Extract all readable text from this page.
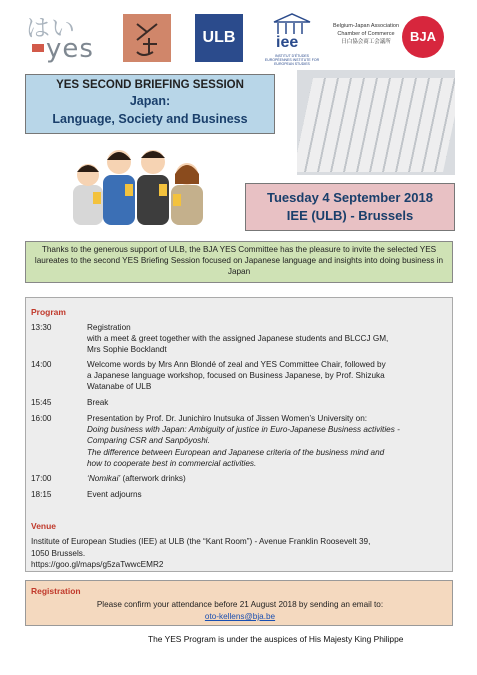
はい
yes	ULB	iee
INSTITUT D'ÉTUDES EUROPÉENNES INSTITUTE FOR EUROPEAN STUDIES
Belgium-Japan Association
Chamber of Commerce
日白協会商工会議所	BJA
YES SECOND BRIEFING SESSION
Japan:
Language, Society and Business
Tuesday 4 September 2018
IEE (ULB) - Brussels
Thanks to the generous support of ULB, the BJA YES Committee has the pleasure to invite the selected YES laureates to the second YES Briefing Session focused on Japanese language and insights into doing business in Japan
Program
13:30	Registration
with a meet & greet together with the assigned Japanese students and BLCCJ GM,
Mrs Sophie Bocklandt
14:00	Welcome words by Mrs Ann Blondé of zeal and YES Committee Chair, followed by
a Japanese language workshop, focused on Business Japanese, by Prof. Shizuka
Watanabe of ULB
15:45	Break
16:00	Presentation by Prof. Dr. Junichiro Inutsuka of Jissen Women’s University on:
Doing business with Japan: Ambiguity of justice in Euro-Japanese Business activities -
Comparing CSR and Sanpōyoshi.
The difference between European and Japanese criteria of the business mind and
how to cooperate best in commercial activities.
17:00	‘Nomikai’ (afterwork drinks)
18:15	Event adjourns
Venue
Institute of European Studies (IEE) at ULB (the “Kant Room”) - Avenue Franklin Roosevelt 39,
1050 Brussels.
https://goo.gl/maps/g5zaTwwcEMR2
Registration
Please confirm your attendance before 21 August 2018 by sending an email to:
oto-kellens@bja.be
The YES Program is under the auspices of His Majesty King Philippe
